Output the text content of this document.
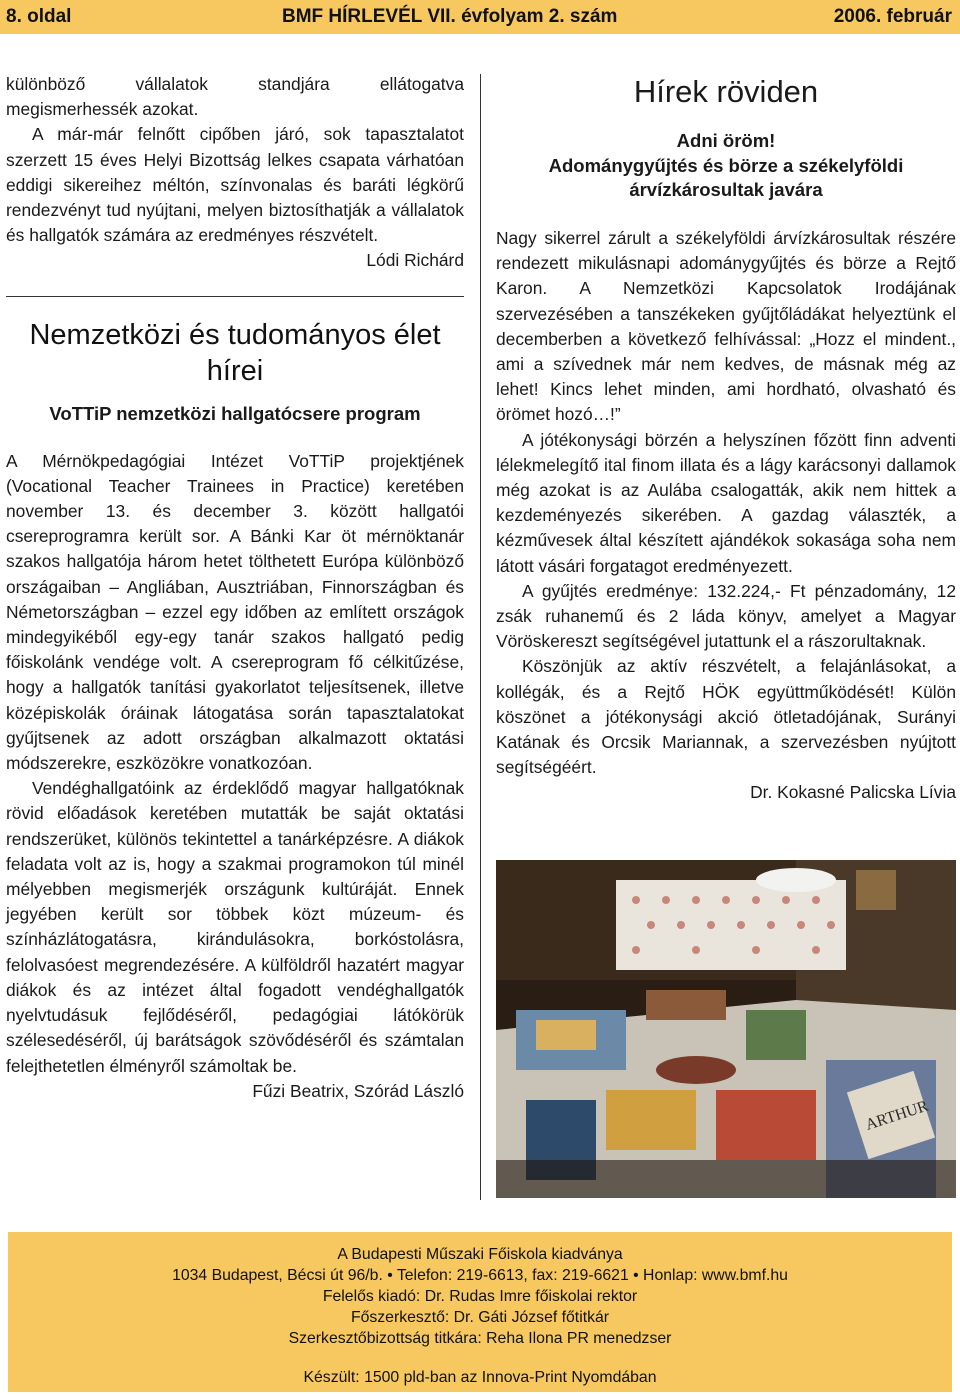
8. oldal	BMF HÍRLEVÉL VII. évfolyam 2. szám	2006. február

különböző vállalatok standjára ellátogatva megismerhessék azokat.

A már-már felnőtt cipőben járó, sok tapasztalatot szerzett 15 éves Helyi Bizottság lelkes csapata várhatóan eddigi sikereihez méltón, színvonalas és baráti légkörű rendezvényt tud nyújtani, melyen biztosíthatják a vállalatok és hallgatók számára az eredményes részvételt.

Lódi Richárd
Nemzetközi és tudományos élet hírei
VoTTiP nemzetközi hallgatócsere program

A Mérnökpedagógiai Intézet VoTTiP projektjének (Vocational Teacher Trainees in Practice) keretében november 13. és december 3. között hallgatói csereprogramra került sor. A Bánki Kar öt mérnöktanár szakos hallgatója három hetet tölthetett Európa különböző országaiban – Angliában, Ausztriában, Finnországban és Németországban – ezzel egy időben az említett országok mindegyikéből egy-egy tanár szakos hallgató pedig főiskolánk vendége volt. A csereprogram fő célkitűzése, hogy a hallgatók tanítási gyakorlatot teljesítsenek, illetve középiskolák óráinak látogatása során tapasztalatokat gyűjtsenek az adott országban alkalmazott oktatási módszerekre, eszközökre vonatkozóan.

Vendéghallgatóink az érdeklődő magyar hallgatóknak rövid előadások keretében mutatták be saját oktatási rendszerüket, különös tekintettel a tanárképzésre. A diákok feladata volt az is, hogy a szakmai programokon túl minél mélyebben megismerjék országunk kultúráját. Ennek jegyében került sor többek közt múzeum- és színházlátogatásra, kirándulásokra, borkóstolásra, felolvasóest megrendezésére. A külföldről hazatért magyar diákok és az intézet által fogadott vendéghallgatók nyelvtudásuk fejlődéséről, pedagógiai látókörük szélesedéséről, új barátságok szövődéséről és számtalan felejthetetlen élményről számoltak be.

Fűzi Beatrix, Szórád László
Hírek röviden
Adni öröm!
Adománygyűjtés és börze a székelyföldi árvízkárosultak javára

Nagy sikerrel zárult a székelyföldi árvízkárosultak részére rendezett mikulásnapi adománygyűjtés és börze a Rejtő Karon. A Nemzetközi Kapcsolatok Irodájának szervezésében a tanszékeken gyűjtőládákat helyeztünk el decemberben a következő felhívással: „Hozz el mindent., ami a szívednek már nem kedves, de másnak még az lehet! Kincs lehet minden, ami hordható, olvasható és örömet hozó…!”

A jótékonysági börzén a helyszínen főzött finn adventi lélekmelegítő ital finom illata és a lágy karácsonyi dallamok még azokat is az Aulába csalogatták, akik nem hittek a kezdeményezés sikerében. A gazdag választék, a kézművesek által készített ajándékok sokasága soha nem látott vásári forgatagot eredményezett.

A gyűjtés eredménye: 132.224,- Ft pénzadomány, 12 zsák ruhanemű és 2 láda könyv, amelyet a Magyar Vöröskereszt segítségével jutattunk el a rászorultaknak.

Köszönjük az aktív részvételt, a felajánlásokat, a kollégák, és a Rejtő HÖK együttműködését! Külön köszönet a jótékonysági akció ötletadójának, Surányi Katának és Orcsik Mariannak, a szervezésben nyújtott segítségéért.

Dr. Kokasné Palicska Lívia
ARTHUR
A Budapesti Műszaki Főiskola kiadványa
1034 Budapest, Bécsi út 96/b. • Telefon: 219-6613, fax: 219-6621 • Honlap: www.bmf.hu
Felelős kiadó: Dr. Rudas Imre főiskolai rektor
Főszerkesztő: Dr. Gáti József főtitkár
Szerkesztőbizottság titkára: Reha Ilona PR menedzser
Készült: 1500 pld-ban az Innova-Print Nyomdában
